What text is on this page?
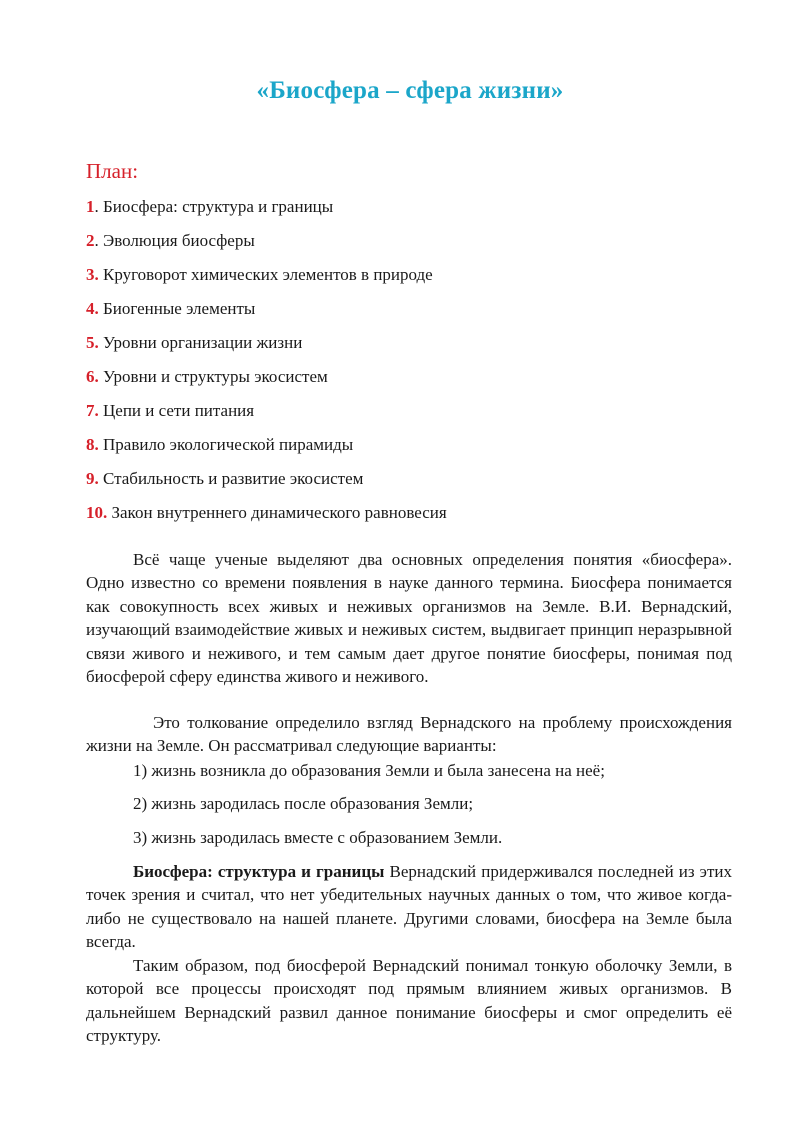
«Биосфера – сфера жизни»
План:
1. Биосфера: структура и границы
2. Эволюция биосферы
3. Круговорот химических элементов в природе
4. Биогенные элементы
5. Уровни организации жизни
6. Уровни и структуры экосистем
7. Цепи и сети питания
8. Правило экологической пирамиды
9. Стабильность и развитие экосистем
10. Закон внутреннего динамического равновесия

Всё чаще ученые выделяют два основных определения понятия «биосфера». Одно известно со времени появления в науке данного термина. Биосфера понимается как совокупность всех живых и неживых организмов на Земле. В.И. Вернадский, изучающий взаимодействие живых и неживых систем, выдвигает принцип неразрывной связи живого и неживого, и тем самым дает другое понятие биосферы, понимая под биосферой сферу единства живого и неживого.

Это толкование определило взгляд Вернадского на проблему происхождения жизни на Земле. Он рассматривал следующие варианты:

1) жизнь возникла до образования Земли и была занесена на неё;

2) жизнь зародилась после образования Земли;

3) жизнь зародилась вместе с образованием Земли.

Биосфера: структура и границы Вернадский придерживался последней из этих точек зрения и считал, что нет убедительных научных данных о том, что живое когда-либо не существовало на нашей планете. Другими словами, биосфера на Земле была всегда.

Таким образом, под биосферой Вернадский понимал тонкую оболочку Земли, в которой все процессы происходят под прямым влиянием живых организмов. В дальнейшем Вернадский развил данное понимание биосферы и смог определить её структуру.
